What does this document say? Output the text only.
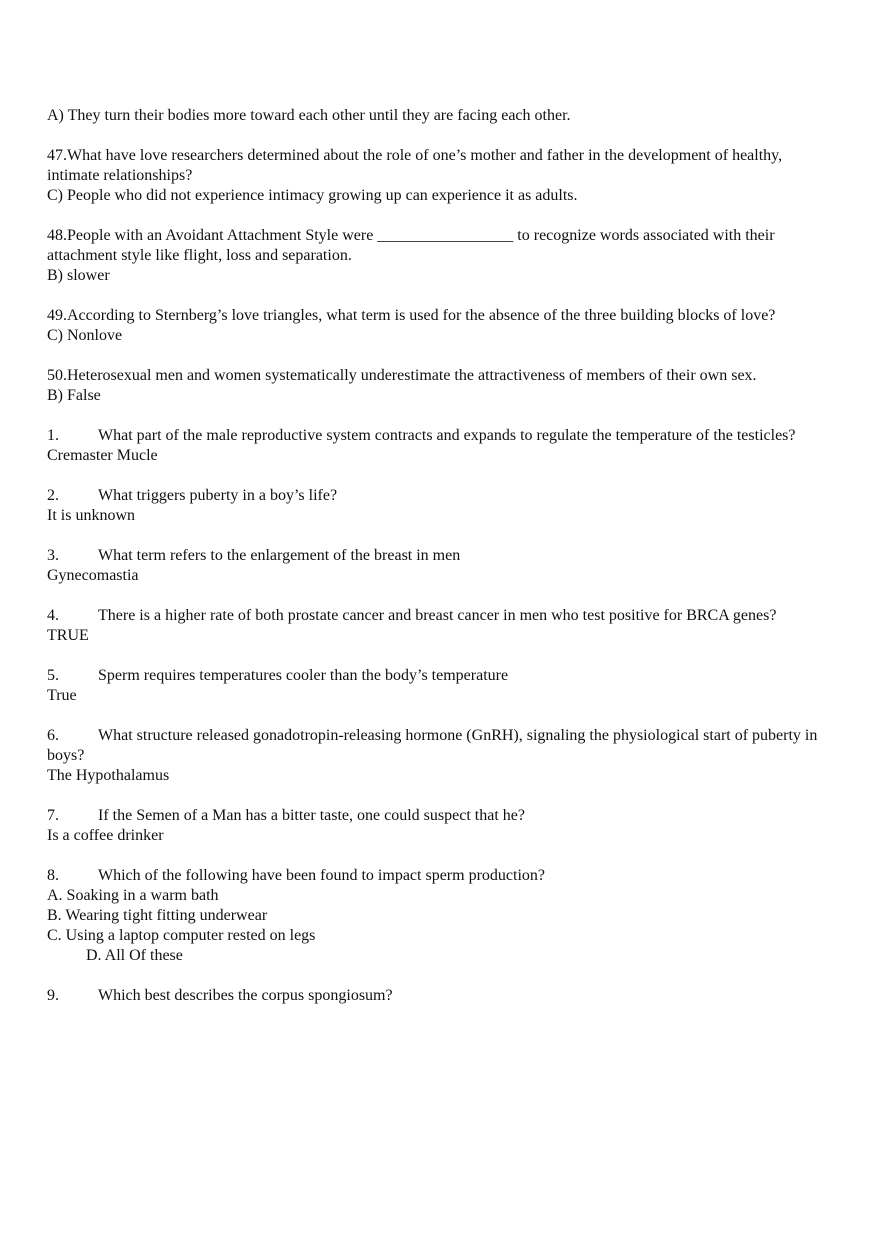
A) They turn their bodies more toward each other until they are facing each other.
47.What have love researchers determined about the role of one’s mother and father in the development of healthy, intimate relationships?
C) People who did not experience intimacy growing up can experience it as adults.
48.People with an Avoidant Attachment Style were _________________ to recognize words associated with their attachment style like flight, loss and separation.
B) slower
49.According to Sternberg’s love triangles, what term is used for the absence of the three building blocks of love?
C) Nonlove
50.Heterosexual men and women systematically underestimate the attractiveness of members of their own sex.
B) False
1. What part of the male reproductive system contracts and expands to regulate the temperature of the testicles?
Cremaster Mucle
2. What triggers puberty in a boy’s life?
It is unknown
3. What term refers to the enlargement of the breast in men
Gynecomastia
4. There is a higher rate of both prostate cancer and breast cancer in men who test positive for BRCA genes?
TRUE
5. Sperm requires temperatures cooler than the body’s temperature
True
6. What structure released gonadotropin-releasing hormone (GnRH), signaling the physiological start of puberty in boys?
The Hypothalamus
7. If the Semen of a Man has a bitter taste, one could suspect that he?
Is a coffee drinker
8. Which of the following have been found to impact sperm production?
A. Soaking in a warm bath
B. Wearing tight fitting underwear
C. Using a laptop computer rested on legs
D. All Of these
9. Which best describes the corpus spongiosum?
